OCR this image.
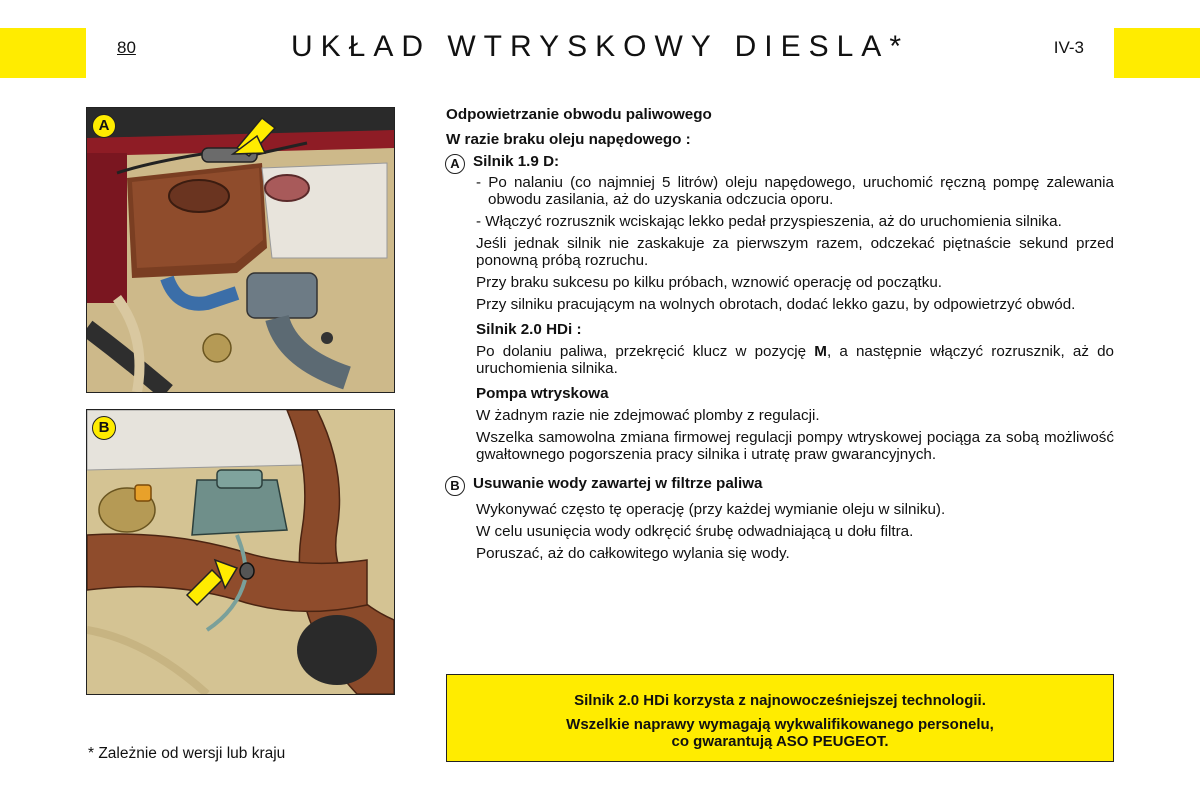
80	UKŁAD WTRYSKOWY DIESLA*	IV-3
A
B

Odpowietrzanie obwodu paliwowego

W razie braku oleju napędowego :

A Silnik 1.9 D:

- Po nalaniu (co najmniej 5 litrów) oleju napędowego, uruchomić ręczną pompę zalewania obwodu zasilania, aż do uzyskania odczucia oporu.

- Włączyć rozrusznik wciskając lekko pedał przyspieszenia, aż do uruchomienia silnika.

Jeśli jednak silnik nie zaskakuje za pierwszym razem, odczekać piętnaście sekund przed ponowną próbą rozruchu.

Przy braku sukcesu po kilku próbach, wznowić operację od początku.

Przy silniku pracującym na wolnych obrotach, dodać lekko gazu, by odpowietrzyć obwód.

Silnik 2.0 HDi :

Po dolaniu paliwa, przekręcić klucz w pozycję M, a następnie włączyć rozrusznik, aż do uruchomienia silnika.

Pompa wtryskowa

W żadnym razie nie zdejmować plomby z regulacji.

Wszelka samowolna zmiana firmowej regulacji pompy wtryskowej pociąga za sobą możliwość gwałtownego pogorszenia pracy silnika i utratę praw gwarancyjnych.

B Usuwanie wody zawartej w filtrze paliwa

Wykonywać często tę operację (przy każdej wymianie oleju w silniku).

W celu usunięcia wody odkręcić śrubę odwadniającą u dołu filtra.

Poruszać, aż do całkowitego wylania się wody.

* Zależnie od wersji lub kraju

Silnik 2.0 HDi korzysta z najnowocześniejszej technologii.

Wszelkie naprawy wymagają wykwalifikowanego personelu,

co gwarantują ASO PEUGEOT.
